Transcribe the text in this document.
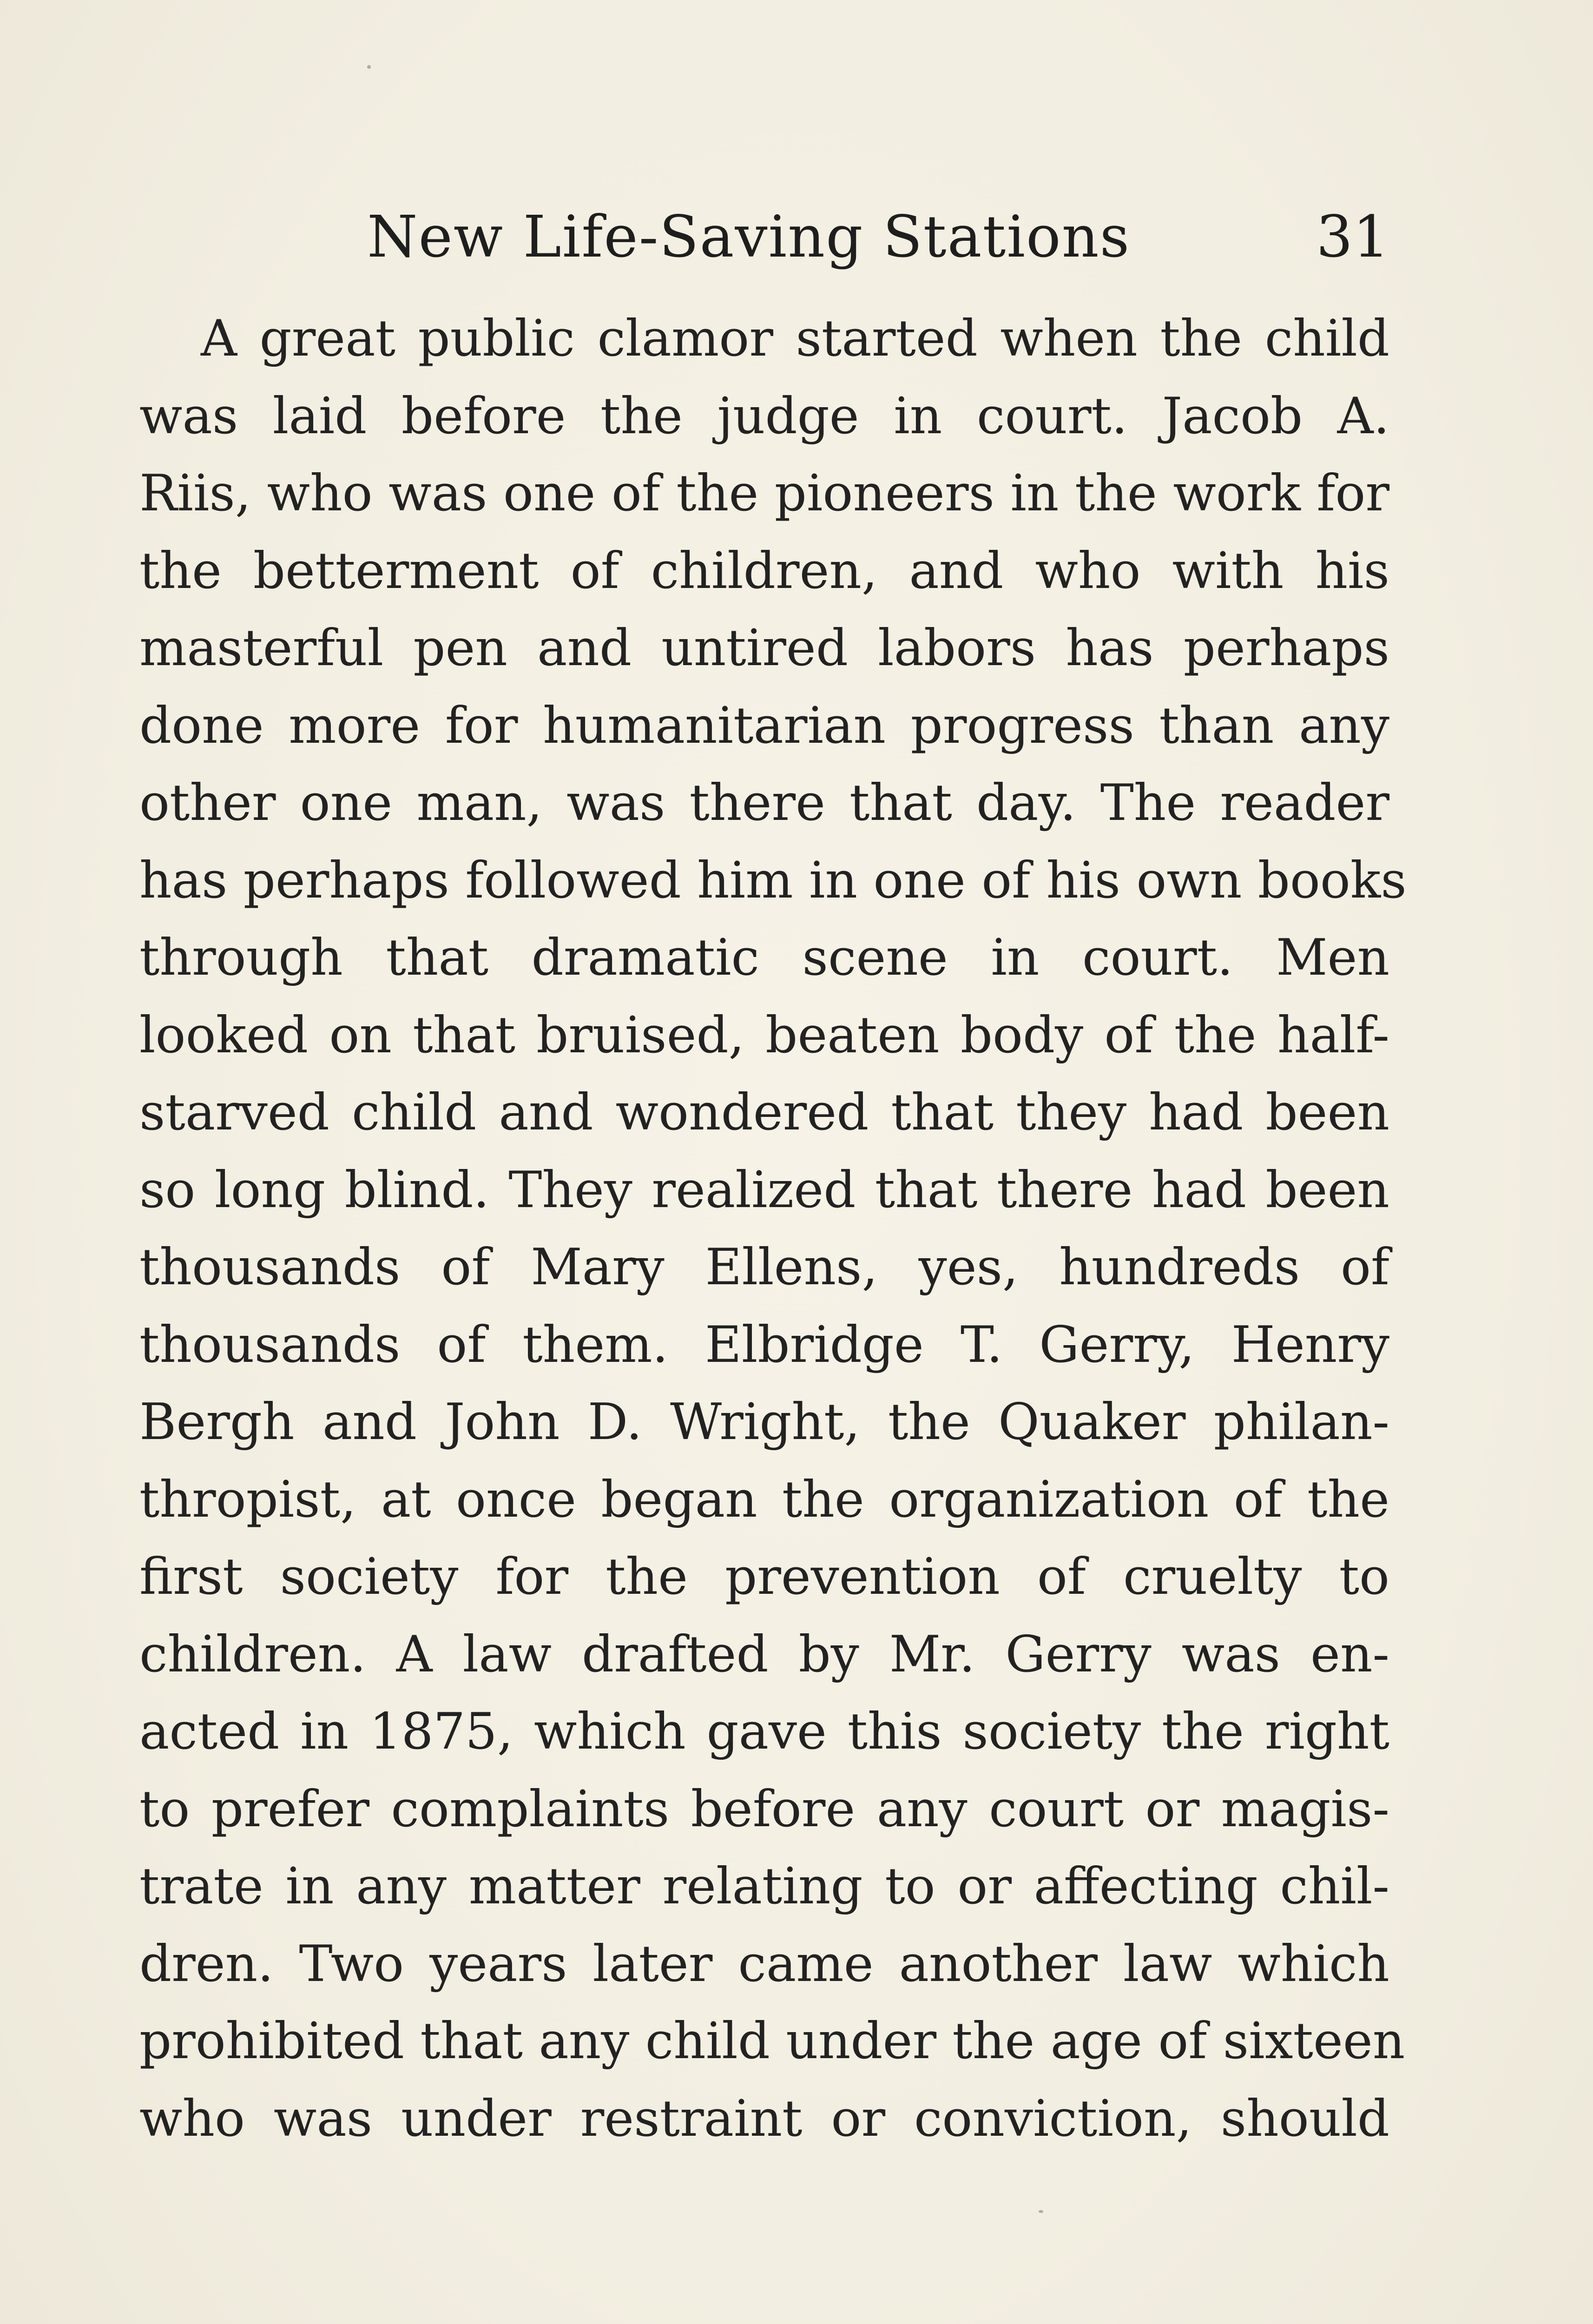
New Life-Saving Stations	31
A great public clamor started when the child
was laid before the judge in court. Jacob A.
Riis, who was one of the pioneers in the work for
the betterment of children, and who with his
masterful pen and untired labors has perhaps
done more for humanitarian progress than any
other one man, was there that day. The reader
has perhaps followed him in one of his own books
through that dramatic scene in court. Men
looked on that bruised, beaten body of the half-
starved child and wondered that they had been
so long blind. They realized that there had been
thousands of Mary Ellens, yes, hundreds of
thousands of them. Elbridge T. Gerry, Henry
Bergh and John D. Wright, the Quaker philan-
thropist, at once began the organization of the
first society for the prevention of cruelty to
children. A law drafted by Mr. Gerry was en-
acted in 1875, which gave this society the right
to prefer complaints before any court or magis-
trate in any matter relating to or affecting chil-
dren. Two years later came another law which
prohibited that any child under the age of sixteen
who was under restraint or conviction, should
